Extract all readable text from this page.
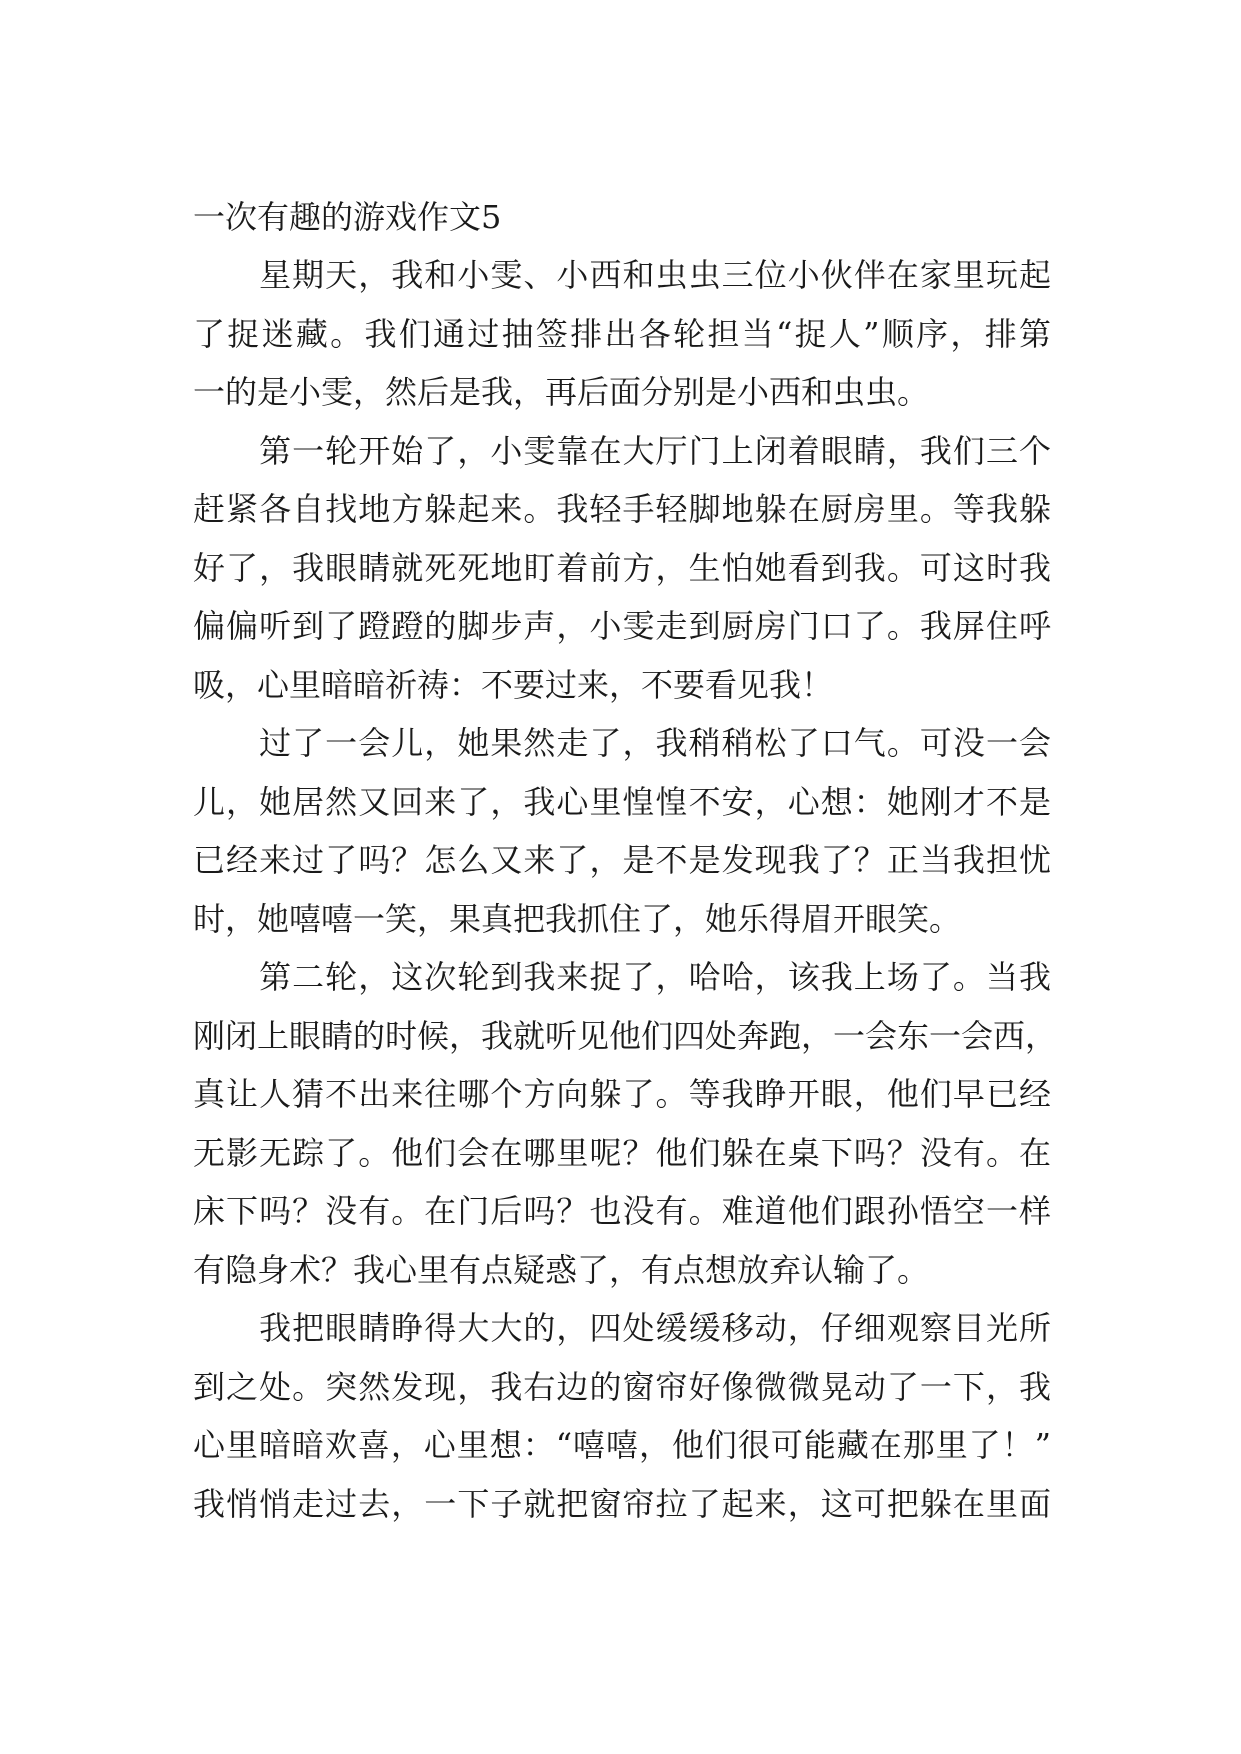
一次有趣的游戏作文5
　　星期天，我和小雯、小西和虫虫三位小伙伴在家里玩起
了捉迷藏。我们通过抽签排出各轮担当“捉人”顺序，排第
一的是小雯，然后是我，再后面分别是小西和虫虫。
　　第一轮开始了，小雯靠在大厅门上闭着眼睛，我们三个
赶紧各自找地方躲起来。我轻手轻脚地躲在厨房里。等我躲
好了，我眼睛就死死地盯着前方，生怕她看到我。可这时我
偏偏听到了蹬蹬的脚步声，小雯走到厨房门口了。我屏住呼
吸，心里暗暗祈祷：不要过来，不要看见我！
　　过了一会儿，她果然走了，我稍稍松了口气。可没一会
儿，她居然又回来了，我心里惶惶不安，心想：她刚才不是
已经来过了吗？怎么又来了，是不是发现我了？正当我担忧
时，她嘻嘻一笑，果真把我抓住了，她乐得眉开眼笑。
　　第二轮，这次轮到我来捉了，哈哈，该我上场了。当我
刚闭上眼睛的时候，我就听见他们四处奔跑，一会东一会西，
真让人猜不出来往哪个方向躲了。等我睁开眼，他们早已经
无影无踪了。他们会在哪里呢？他们躲在桌下吗？没有。在
床下吗？没有。在门后吗？也没有。难道他们跟孙悟空一样
有隐身术？我心里有点疑惑了，有点想放弃认输了。
　　我把眼睛睁得大大的，四处缓缓移动，仔细观察目光所
到之处。突然发现，我右边的窗帘好像微微晃动了一下，我
心里暗暗欢喜，心里想：“嘻嘻，他们很可能藏在那里了！”
我悄悄走过去，一下子就把窗帘拉了起来，这可把躲在里面
